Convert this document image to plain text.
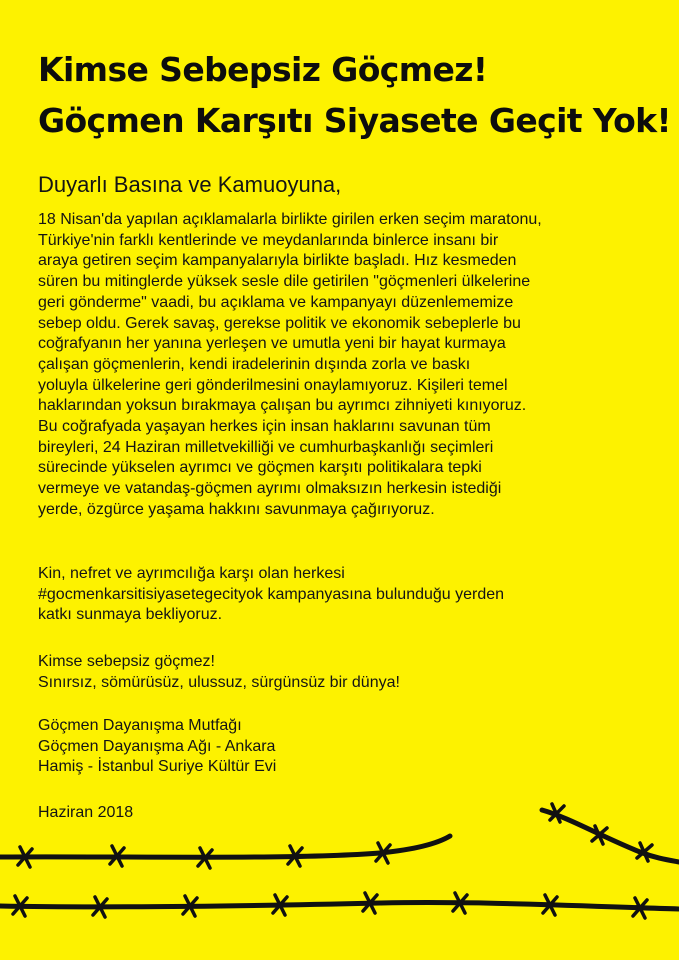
Kimse Sebepsiz Göçmez!
Göçmen Karşıtı Siyasete Geçit Yok!

Duyarlı Basına ve Kamuoyuna,

18 Nisan'da yapılan açıklamalarla birlikte girilen erken seçim maratonu,
Türkiye'nin farklı kentlerinde ve meydanlarında binlerce insanı bir
araya getiren seçim kampanyalarıyla birlikte başladı. Hız kesmeden
süren bu mitinglerde yüksek sesle dile getirilen "göçmenleri ülkelerine
geri gönderme" vaadi, bu açıklama ve kampanyayı düzenlememize
sebep oldu. Gerek savaş, gerekse politik ve ekonomik sebeplerle bu
coğrafyanın her yanına yerleşen ve umutla yeni bir hayat kurmaya
çalışan göçmenlerin, kendi iradelerinin dışında zorla ve baskı
yoluyla ülkelerine geri gönderilmesini onaylamıyoruz. Kişileri temel
haklarından yoksun bırakmaya çalışan bu ayrımcı zihniyeti kınıyoruz.
Bu coğrafyada yaşayan herkes için insan haklarını savunan tüm
bireyleri, 24 Haziran milletvekilliği ve cumhurbaşkanlığı seçimleri
sürecinde yükselen ayrımcı ve göçmen karşıtı politikalara tepki
vermeye ve vatandaş-göçmen ayrımı olmaksızın herkesin istediği
yerde, özgürce yaşama hakkını savunmaya çağırıyoruz.

Kin, nefret ve ayrımcılığa karşı olan herkesi
#gocmenkarsitisiyasetegecityok kampanyasına bulunduğu yerden
katkı sunmaya bekliyoruz.

Kimse sebepsiz göçmez!
Sınırsız, sömürüsüz, ulussuz, sürgünsüz bir dünya!

Göçmen Dayanışma Mutfağı
Göçmen Dayanışma Ağı - Ankara
Hamiş - İstanbul Suriye Kültür Evi

Haziran 2018
